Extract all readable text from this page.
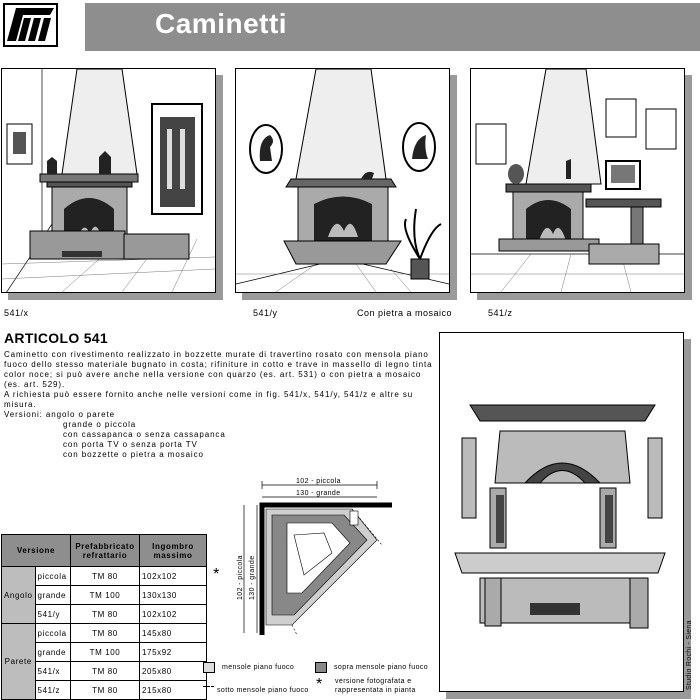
Caminetti
541/x	541/y	Con pietra a mosaico	541/z
ARTICOLO 541

Caminetto con rivestimento realizzato in bozzette murate di travertino rosato con mensola piano fuoco dello stesso materiale bugnato in costa; rifiniture in cotto e trave in massello di legno tinta color noce; si può avere anche nella versione con quarzo (es. art. 531) o con pietra a mosaico (es. art. 529).

A richiesta può essere fornito anche nelle versioni come in fig. 541/x, 541/y, 541/z e altre su misura.

Versioni: angolo o parete

grande o piccola

con cassapanca o senza cassapanca

con porta TV o senza porta TV

con bozzette o pietra a mosaico

Versione		Prefabbricato refrattario	Ingombro massimo
Angolo	piccola	TM 80	102x102 *

	grande	TM 100	130x130
	541/y	TM 80	102x102
Parete	piccola	TM 80	145x80
	grande	TM 100	175x92
	541/x	TM 80	205x80
	541/z	TM 80	215x80
102 - piccola
130 - grande
102 - piccola 130 - grande
mensole piano fuoco	sopra mensole piano fuoco
sotto mensole piano fuoco * versione fotografata e
rappresentata in pianta
Studio Rochi - Siena
